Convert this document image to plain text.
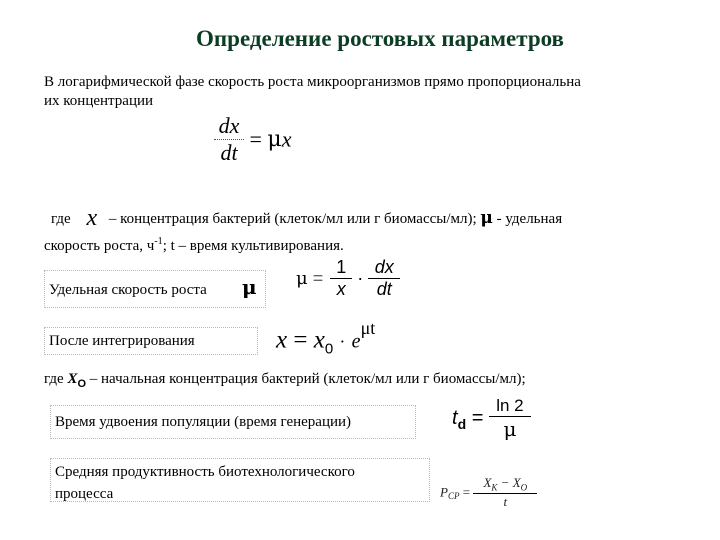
Определение ростовых параметров
В логарифмической фазе скорость роста микроорганизмов прямо пропорциональна
их концентрации
$\frac{dx}{dt} = \mu x$
где x – концентрация бактерий (клеток/мл или г биомассы/мл); μ - удельная
скорость роста, $ч^{-1}$; t – время культивирования.
Удельная скорость роста μ $\mu = \frac{1}{x} \cdot \frac{dx}{dt}$
После интегрирования	$x = x_0 \cdot e^{\mu t}$
где $X_O$ – начальная концентрация бактерий (клеток/мл или г биомассы/мл);
Время удвоения популяции (время генерации)	$t_d = \frac{\ln 2}{\mu}$
Средняя продуктивность биотехнологического
процесса	$P_{CP} = \frac{X_K - X_O}{t}$
